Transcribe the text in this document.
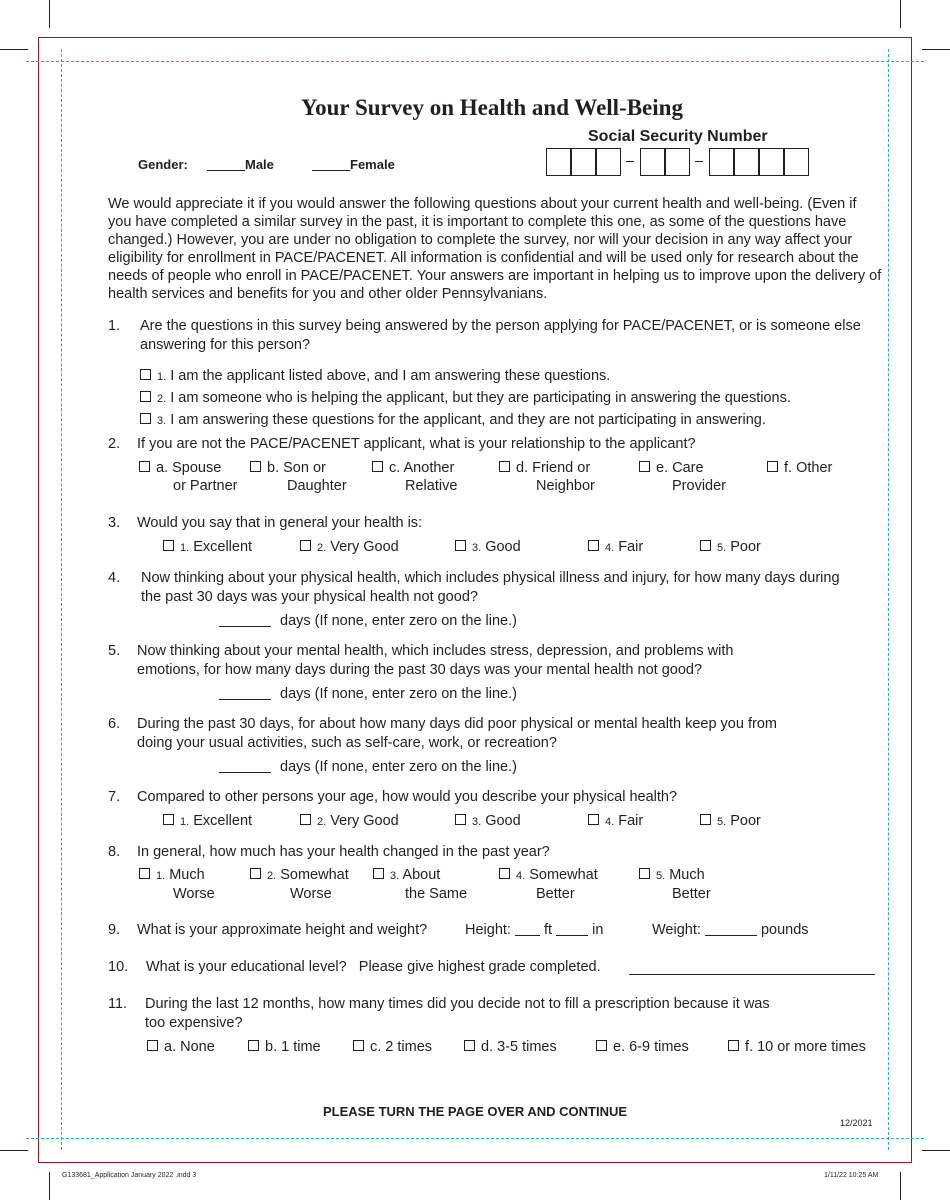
Your Survey on Health and Well-Being
Social Security Number
Gender:	Male	Female
We would appreciate it if you would answer the following questions about your current health and well-being. (Even if you have completed a similar survey in the past, it is important to complete this one, as some of the questions have changed.) However, you are under no obligation to complete the survey, nor will your decision in any way affect your eligibility for enrollment in PACE/PACENET. All information is confidential and will be used only for research about the needs of people who enroll in PACE/PACENET. Your answers are important in helping us to improve upon the delivery of health services and benefits for you and other older Pennsylvanians.
1. Are the questions in this survey being answered by the person applying for PACE/PACENET, or is someone else answering for this person?
1. I am the applicant listed above, and I am answering these questions.
2. I am someone who is helping the applicant, but they are participating in answering the questions.
3. I am answering these questions for the applicant, and they are not participating in answering.
2. If you are not the PACE/PACENET applicant, what is your relationship to the applicant?
a. Spouse
or Partner
b. Son or
Daughter
c. Another
Relative
d. Friend or
Neighbor
e. Care
Provider
f. Other
3. Would you say that in general your health is:
1. Excellent	2. Very Good	3. Good	4. Fair	5. Poor
4. Now thinking about your physical health, which includes physical illness and injury, for how many days during the past 30 days was your physical health not good?
days (If none, enter zero on the line.)
5. Now thinking about your mental health, which includes stress, depression, and problems with emotions, for how many days during the past 30 days was your mental health not good?
days (If none, enter zero on the line.)
6. During the past 30 days, for about how many days did poor physical or mental health keep you from doing your usual activities, such as self-care, work, or recreation?
days (If none, enter zero on the line.)
7. Compared to other persons your age, how would you describe your physical health?
1. Excellent	2. Very Good	3. Good	4. Fair	5. Poor
8. In general, how much has your health changed in the past year?
1. Much
Worse
2. Somewhat
Worse
3. About
the Same
4. Somewhat
Better
5. Much
Better
9. What is your approximate height and weight?	Height: ft	in	Weight:	pounds
10. What is your educational level?   Please give highest grade completed.
11. During the last 12 months, how many times did you decide not to fill a prescription because it was too expensive?
a. None	b. 1 time	c. 2 times	d. 3-5 times	e. 6-9 times	f. 10 or more times
PLEASE TURN THE PAGE OVER AND CONTINUE
12/2021
G133681_Application January 2022 .indd 3	1/11/22 10:25 AM
